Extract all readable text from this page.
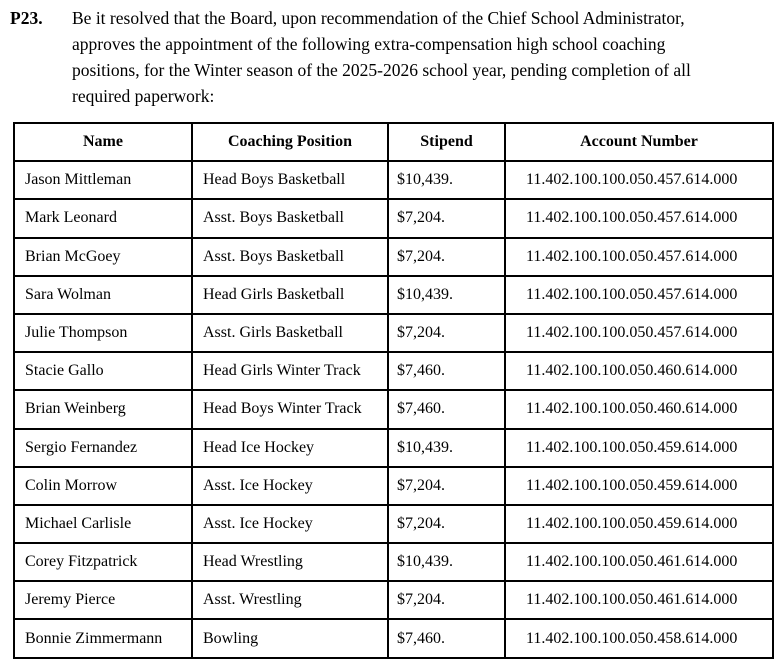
P23.	Be it resolved that the Board, upon recommendation of the Chief School Administrator, approves the appointment of the following extra-compensation high school coaching positions, for the Winter season of the 2025-2026 school year, pending completion of all required paperwork:
Name	Coaching Position	Stipend	Account Number
Jason Mittleman	Head Boys Basketball	$10,439.	11.402.100.100.050.457.614.000
Mark Leonard	Asst. Boys Basketball	$7,204.	11.402.100.100.050.457.614.000
Brian McGoey	Asst. Boys Basketball	$7,204.	11.402.100.100.050.457.614.000
Sara Wolman	Head Girls Basketball	$10,439.	11.402.100.100.050.457.614.000
Julie Thompson	Asst. Girls Basketball	$7,204.	11.402.100.100.050.457.614.000
Stacie Gallo	Head Girls Winter Track	$7,460.	11.402.100.100.050.460.614.000
Brian Weinberg	Head Boys Winter Track	$7,460.	11.402.100.100.050.460.614.000
Sergio Fernandez	Head Ice Hockey	$10,439.	11.402.100.100.050.459.614.000
Colin Morrow	Asst. Ice Hockey	$7,204.	11.402.100.100.050.459.614.000
Michael Carlisle	Asst. Ice Hockey	$7,204.	11.402.100.100.050.459.614.000
Corey Fitzpatrick	Head Wrestling	$10,439.	11.402.100.100.050.461.614.000
Jeremy Pierce	Asst. Wrestling	$7,204.	11.402.100.100.050.461.614.000
Bonnie Zimmermann	Bowling	$7,460.	11.402.100.100.050.458.614.000
